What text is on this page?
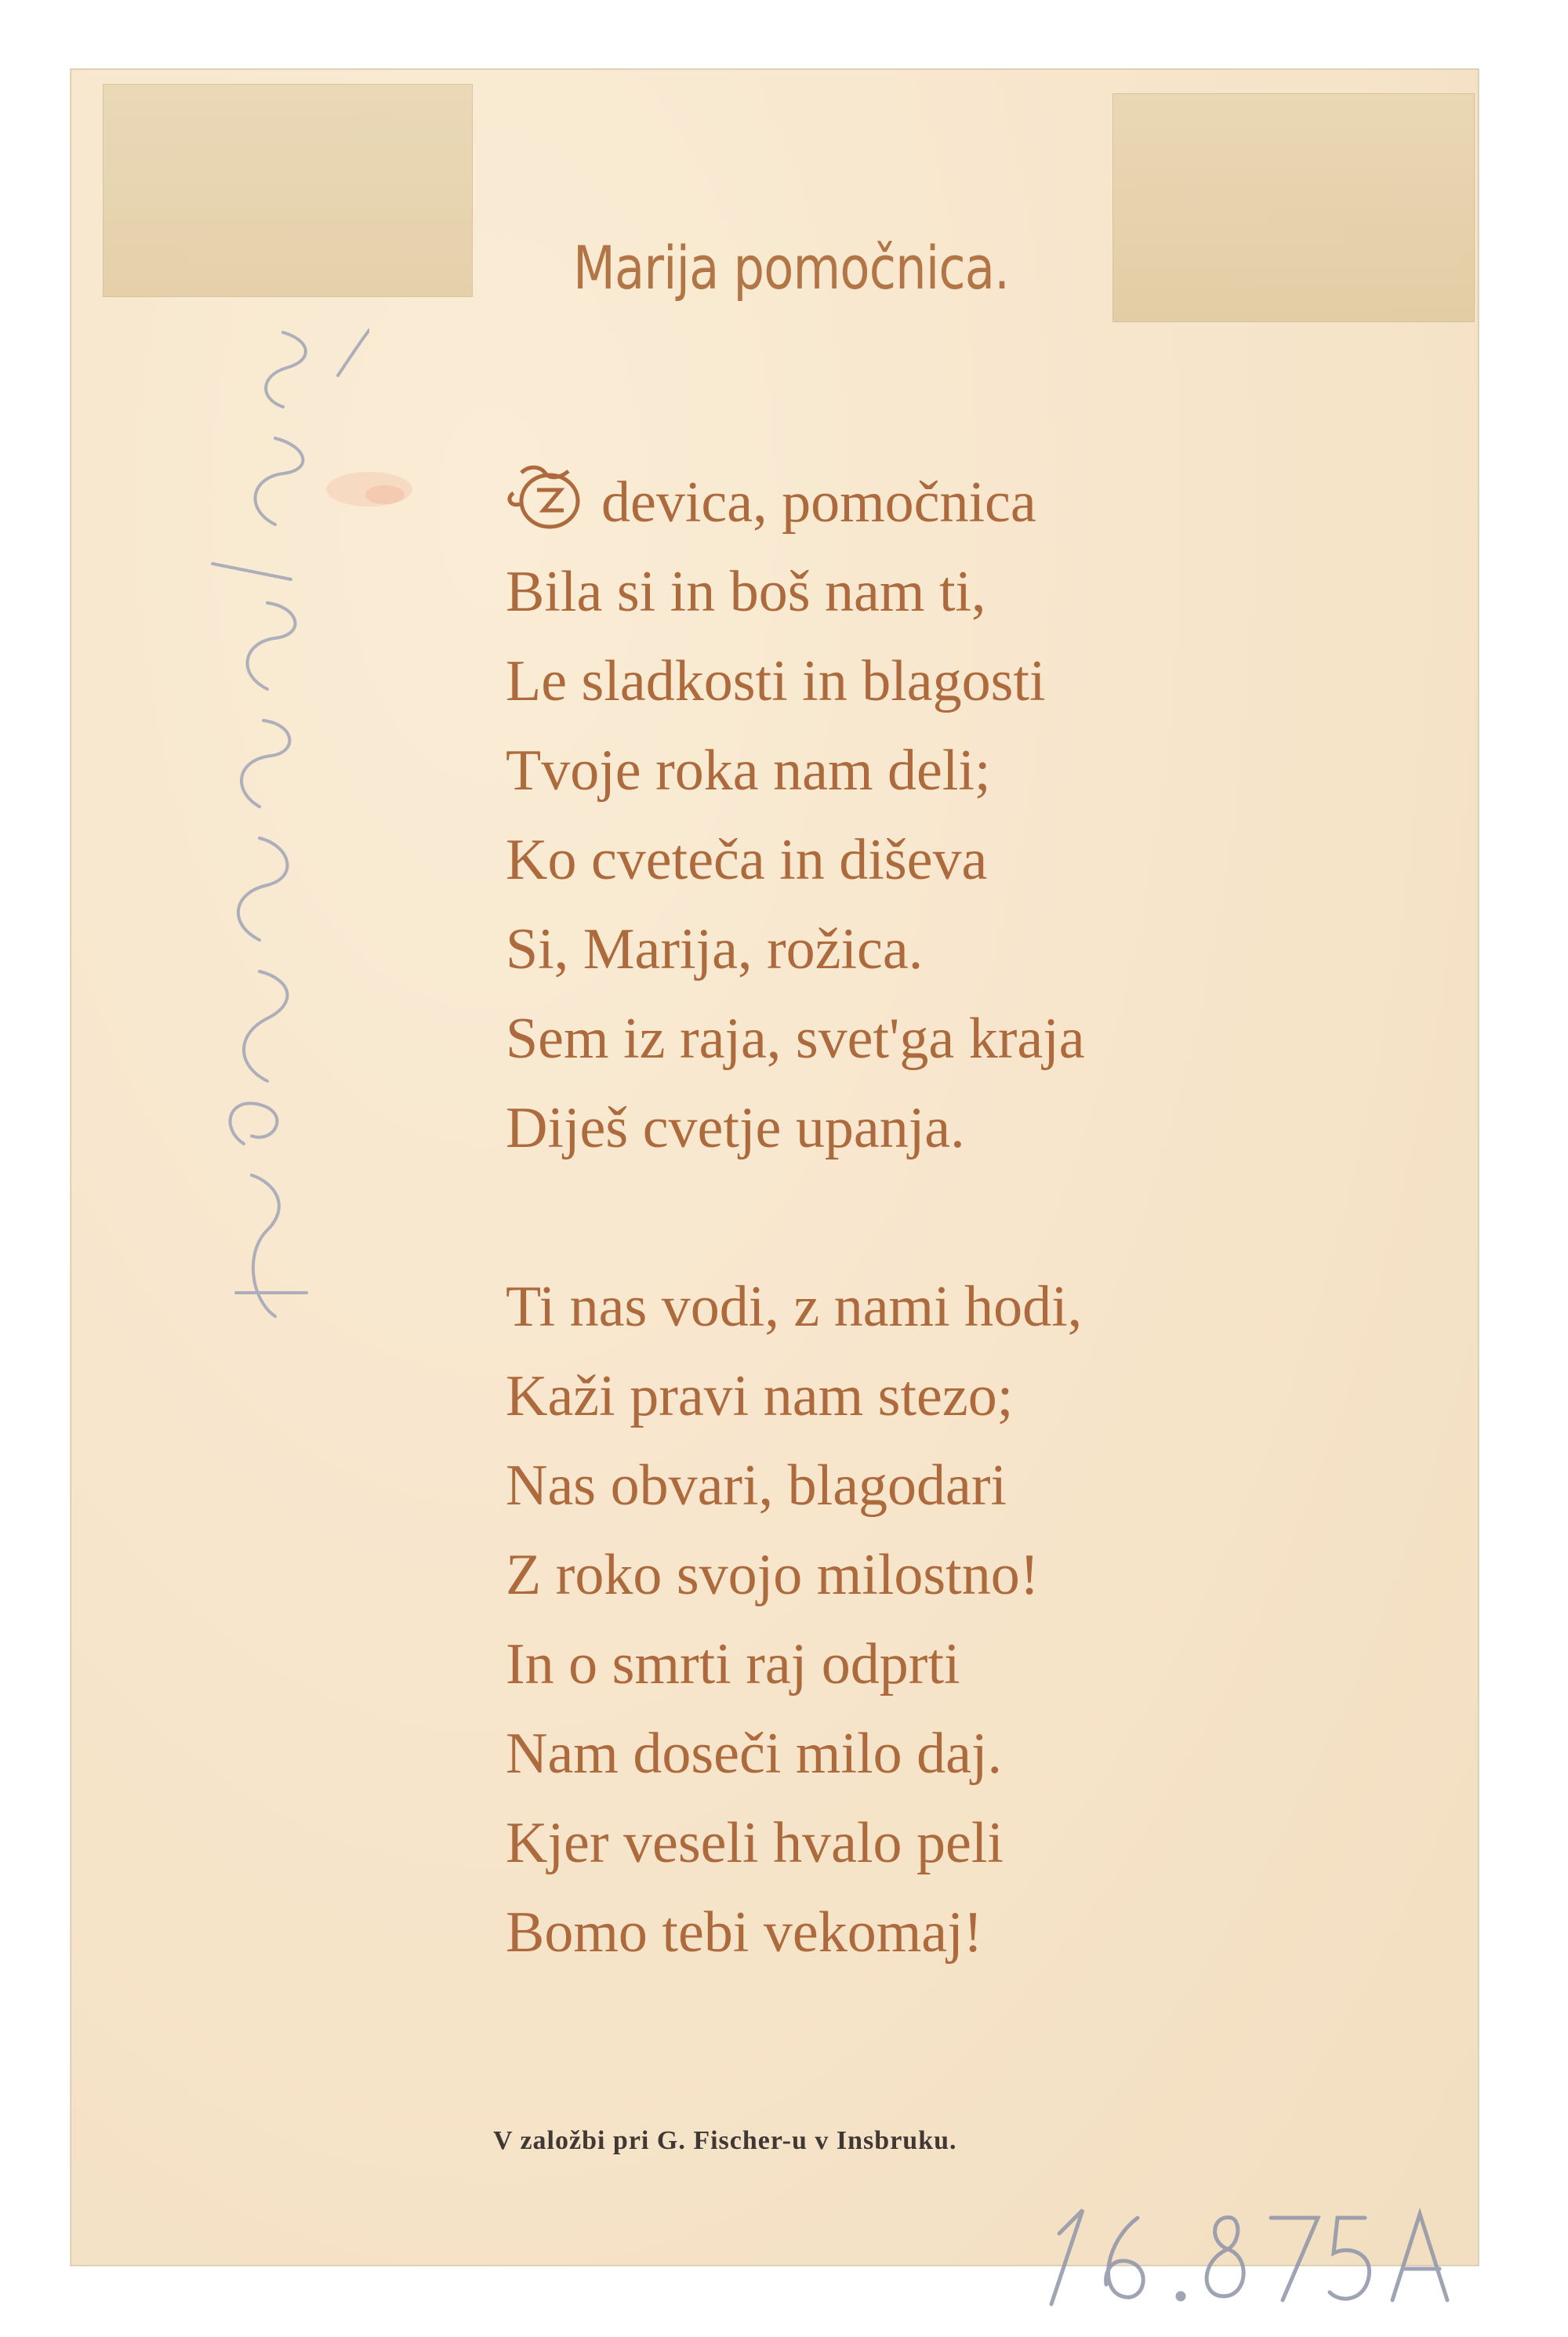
Marija pomočnica.
devica, pomočnica
Bila si in boš nam ti,
Le sladkosti in blagosti
Tvoje roka nam deli;
Ko cveteča in diševa
Si, Marija, rožica.
Sem iz raja, svet'ga kraja
Diješ cvetje upanja.
Ti nas vodi, z nami hodi,
Kaži pravi nam stezo;
Nas obvari, blagodari
Z roko svojo milostno!
In o smrti raj odprti
Nam doseči milo daj.
Kjer veseli hvalo peli
Bomo tebi vekomaj!
V založbi pri G. Fischer-u v Insbruku.
